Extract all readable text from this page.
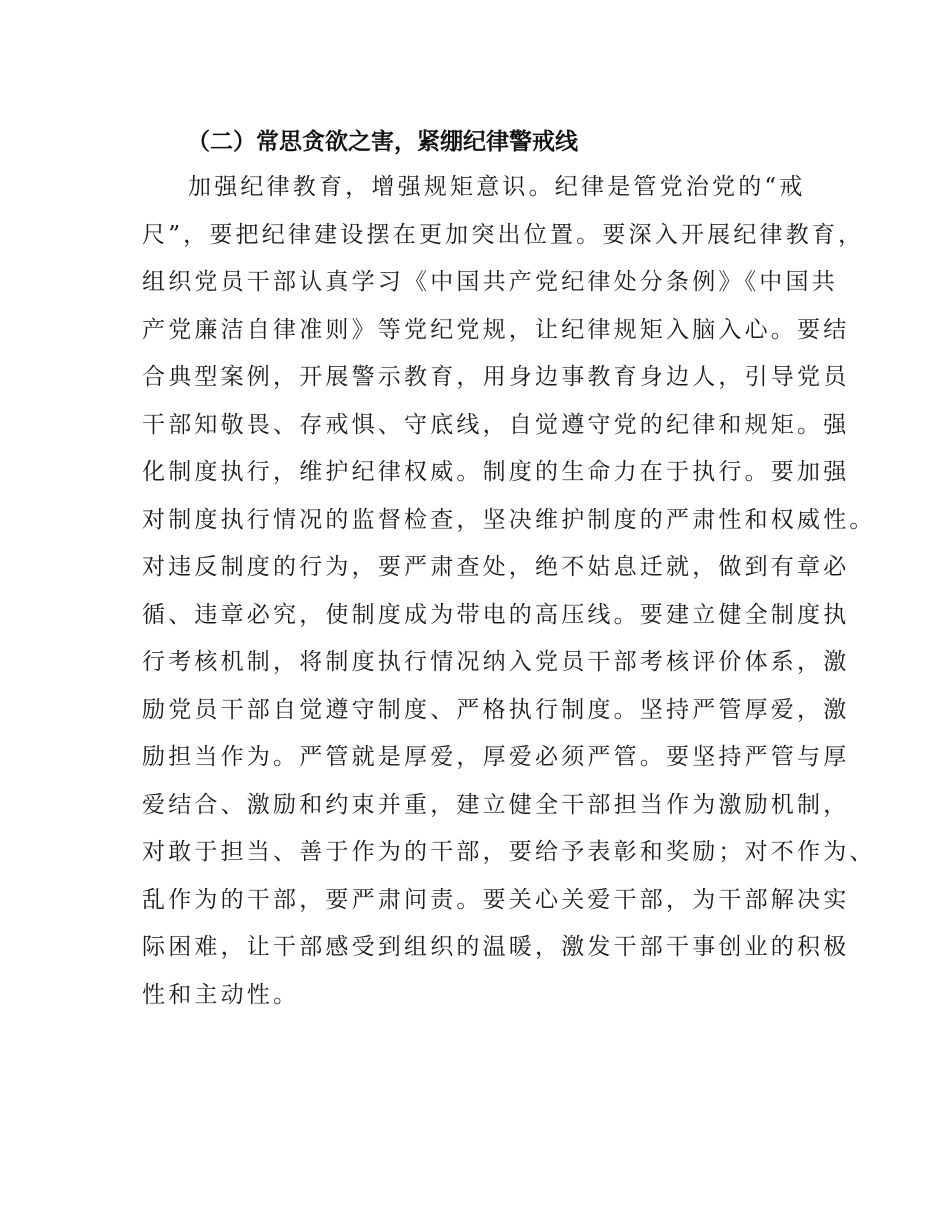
（二）常思贪欲之害，紧绷纪律警戒线
加强纪律教育，增强规矩意识。纪律是管党治党的“戒
尺”，要把纪律建设摆在更加突出位置。要深入开展纪律教育，
组织党员干部认真学习《中国共产党纪律处分条例》《中国共
产党廉洁自律准则》等党纪党规，让纪律规矩入脑入心。要结
合典型案例，开展警示教育，用身边事教育身边人，引导党员
干部知敬畏、存戒惧、守底线，自觉遵守党的纪律和规矩。强
化制度执行，维护纪律权威。制度的生命力在于执行。要加强
对制度执行情况的监督检查，坚决维护制度的严肃性和权威性。
对违反制度的行为，要严肃查处，绝不姑息迁就，做到有章必
循、违章必究，使制度成为带电的高压线。要建立健全制度执
行考核机制，将制度执行情况纳入党员干部考核评价体系，激
励党员干部自觉遵守制度、严格执行制度。坚持严管厚爱，激
励担当作为。严管就是厚爱，厚爱必须严管。要坚持严管与厚
爱结合、激励和约束并重，建立健全干部担当作为激励机制，
对敢于担当、善于作为的干部，要给予表彰和奖励；对不作为、
乱作为的干部，要严肃问责。要关心关爱干部，为干部解决实
际困难，让干部感受到组织的温暖，激发干部干事创业的积极
性和主动性。
